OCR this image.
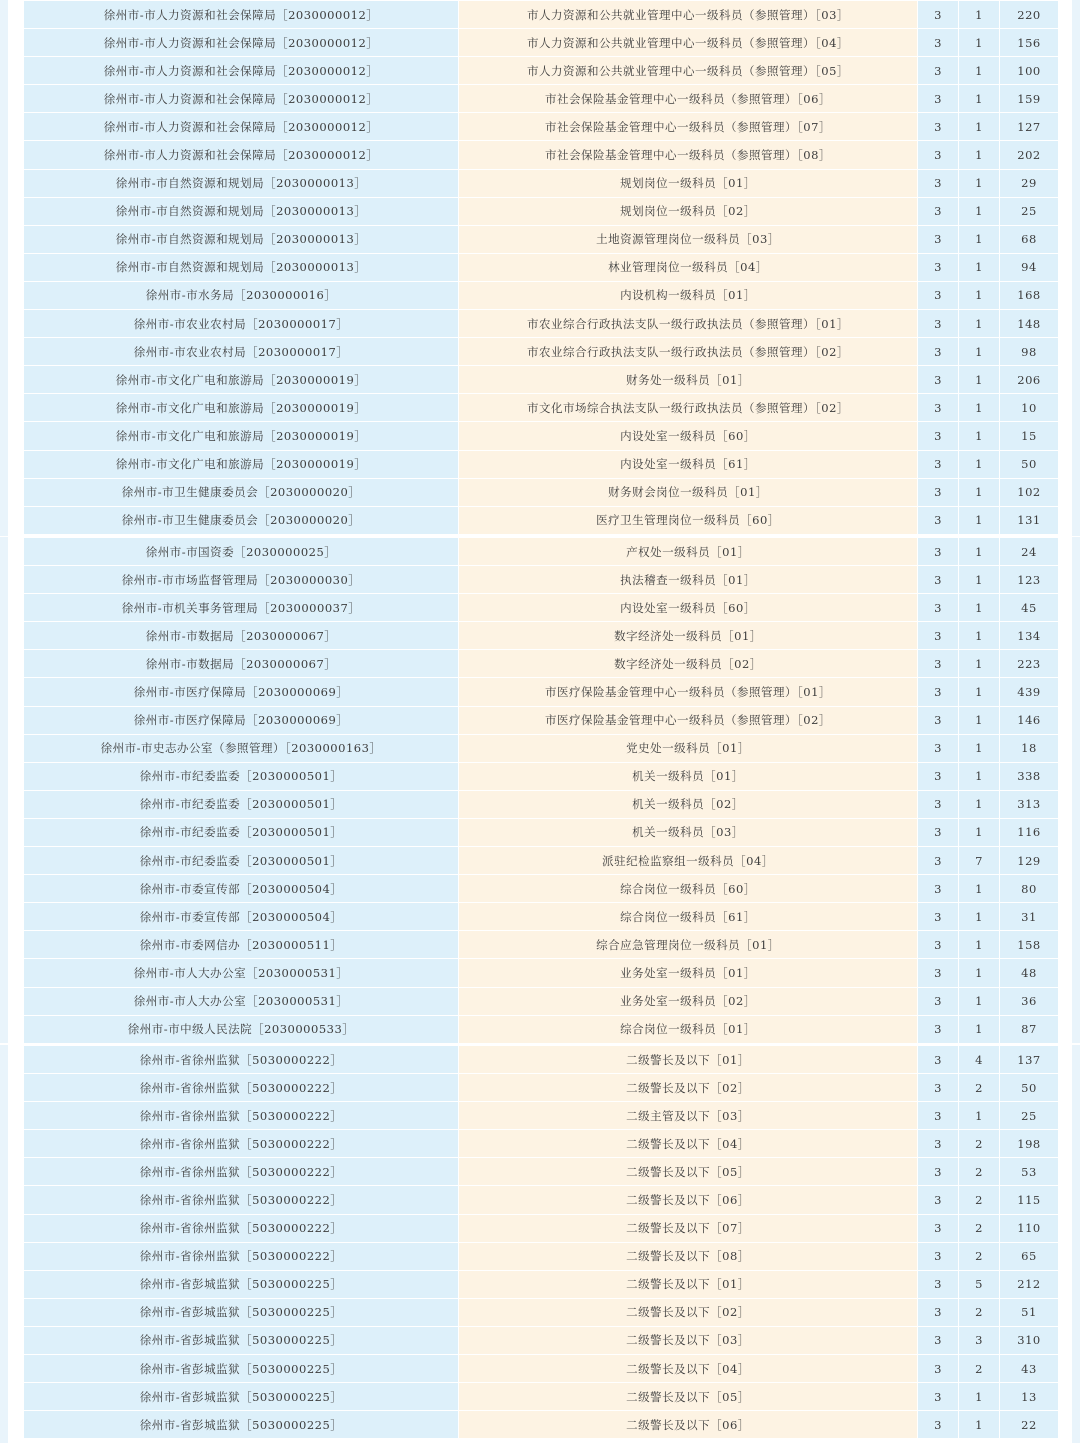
徐州市-市人力资源和社会保障局［2030000012］	市人力资源和公共就业管理中心一级科员（参照管理）［03］	3	1	220
徐州市-市人力资源和社会保障局［2030000012］	市人力资源和公共就业管理中心一级科员（参照管理）［04］	3	1	156
徐州市-市人力资源和社会保障局［2030000012］	市人力资源和公共就业管理中心一级科员（参照管理）［05］	3	1	100
徐州市-市人力资源和社会保障局［2030000012］	市社会保险基金管理中心一级科员（参照管理）［06］	3	1	159
徐州市-市人力资源和社会保障局［2030000012］	市社会保险基金管理中心一级科员（参照管理）［07］	3	1	127
徐州市-市人力资源和社会保障局［2030000012］	市社会保险基金管理中心一级科员（参照管理）［08］	3	1	202
徐州市-市自然资源和规划局［2030000013］	规划岗位一级科员［01］	3	1	29
徐州市-市自然资源和规划局［2030000013］	规划岗位一级科员［02］	3	1	25
徐州市-市自然资源和规划局［2030000013］	土地资源管理岗位一级科员［03］	3	1	68
徐州市-市自然资源和规划局［2030000013］	林业管理岗位一级科员［04］	3	1	94
徐州市-市水务局［2030000016］	内设机构一级科员［01］	3	1	168
徐州市-市农业农村局［2030000017］	市农业综合行政执法支队一级行政执法员（参照管理）［01］	3	1	148
徐州市-市农业农村局［2030000017］	市农业综合行政执法支队一级行政执法员（参照管理）［02］	3	1	98
徐州市-市文化广电和旅游局［2030000019］	财务处一级科员［01］	3	1	206
徐州市-市文化广电和旅游局［2030000019］	市文化市场综合执法支队一级行政执法员（参照管理）［02］	3	1	10
徐州市-市文化广电和旅游局［2030000019］	内设处室一级科员［60］	3	1	15
徐州市-市文化广电和旅游局［2030000019］	内设处室一级科员［61］	3	1	50
徐州市-市卫生健康委员会［2030000020］	财务财会岗位一级科员［01］	3	1	102
徐州市-市卫生健康委员会［2030000020］	医疗卫生管理岗位一级科员［60］	3	1	131
徐州市-市国资委［2030000025］	产权处一级科员［01］	3	1	24
徐州市-市市场监督管理局［2030000030］	执法稽查一级科员［01］	3	1	123
徐州市-市机关事务管理局［2030000037］	内设处室一级科员［60］	3	1	45
徐州市-市数据局［2030000067］	数字经济处一级科员［01］	3	1	134
徐州市-市数据局［2030000067］	数字经济处一级科员［02］	3	1	223
徐州市-市医疗保障局［2030000069］	市医疗保险基金管理中心一级科员（参照管理）［01］	3	1	439
徐州市-市医疗保障局［2030000069］	市医疗保险基金管理中心一级科员（参照管理）［02］	3	1	146
徐州市-市史志办公室（参照管理）［2030000163］	党史处一级科员［01］	3	1	18
徐州市-市纪委监委［2030000501］	机关一级科员［01］	3	1	338
徐州市-市纪委监委［2030000501］	机关一级科员［02］	3	1	313
徐州市-市纪委监委［2030000501］	机关一级科员［03］	3	1	116
徐州市-市纪委监委［2030000501］	派驻纪检监察组一级科员［04］	3	7	129
徐州市-市委宣传部［2030000504］	综合岗位一级科员［60］	3	1	80
徐州市-市委宣传部［2030000504］	综合岗位一级科员［61］	3	1	31
徐州市-市委网信办［2030000511］	综合应急管理岗位一级科员［01］	3	1	158
徐州市-市人大办公室［2030000531］	业务处室一级科员［01］	3	1	48
徐州市-市人大办公室［2030000531］	业务处室一级科员［02］	3	1	36
徐州市-市中级人民法院［2030000533］	综合岗位一级科员［01］	3	1	87
徐州市-省徐州监狱［5030000222］	二级警长及以下［01］	3	4	137
徐州市-省徐州监狱［5030000222］	二级警长及以下［02］	3	2	50
徐州市-省徐州监狱［5030000222］	二级主管及以下［03］	3	1	25
徐州市-省徐州监狱［5030000222］	二级警长及以下［04］	3	2	198
徐州市-省徐州监狱［5030000222］	二级警长及以下［05］	3	2	53
徐州市-省徐州监狱［5030000222］	二级警长及以下［06］	3	2	115
徐州市-省徐州监狱［5030000222］	二级警长及以下［07］	3	2	110
徐州市-省徐州监狱［5030000222］	二级警长及以下［08］	3	2	65
徐州市-省彭城监狱［5030000225］	二级警长及以下［01］	3	5	212
徐州市-省彭城监狱［5030000225］	二级警长及以下［02］	3	2	51
徐州市-省彭城监狱［5030000225］	二级警长及以下［03］	3	3	310
徐州市-省彭城监狱［5030000225］	二级警长及以下［04］	3	2	43
徐州市-省彭城监狱［5030000225］	二级警长及以下［05］	3	1	13
徐州市-省彭城监狱［5030000225］	二级警长及以下［06］	3	1	22
